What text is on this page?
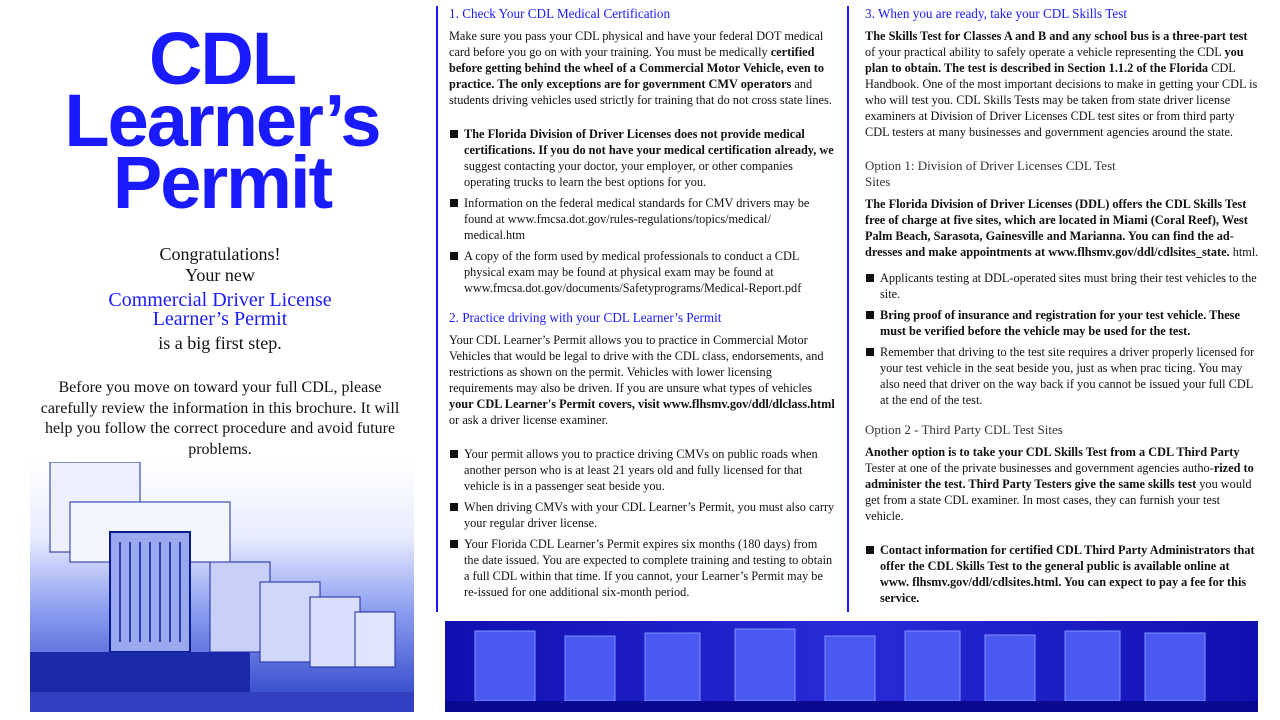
CDL
Learner’s
Permit
Congratulations!
Your new
Commercial Driver License
Learner’s Permit
is a big first step.
Before you move on toward your full CDL, please carefully review the information in this brochure. It will help you follow the correct procedure and avoid future problems.
1. Check Your CDL Medical Certification

Make sure you pass your CDL physical and have your federal DOT medical card before you go on with your training. You must be medically certified before getting behind the wheel of a Commercial Motor Vehicle, even to practice. The only exceptions are for government CMV operators and students driving vehicles used strictly for training that do not cross state lines.

The Florida Division of Driver Licenses does not provide medical certifications. If you do not have your medical certification already, we suggest contacting your doctor, your employer, or other companies operating trucks to learn the best options for you.
Information on the federal medical standards for CMV drivers may be found at www.fmcsa.dot.gov/rules-regulations/topics/medical/ medical.htm
A copy of the form used by medical professionals to conduct a CDL physical exam may be found at physical exam may be found at www.fmcsa.dot.gov/documents/Safetyprograms/Medical-Report.pdf
2. Practice driving with your CDL Learner’s Permit

Your CDL Learner’s Permit allows you to practice in Commercial Motor Vehicles that would be legal to drive with the CDL class, endorsements, and restrictions as shown on the permit. Vehicles with lower licensing requirements may also be driven. If you are unsure what types of vehicles your CDL Learner's Permit covers, visit www.flhsmv.gov/ddl/dlclass.html or ask a driver license examiner.

Your permit allows you to practice driving CMVs on public roads when another person who is at least 21 years old and fully licensed for that vehicle is in a passenger seat beside you.
When driving CMVs with your CDL Learner’s Permit, you must also carry your regular driver license.
Your Florida CDL Learner’s Permit expires six months (180 days) from the date issued. You are expected to complete training and testing to obtain a full CDL within that time. If you cannot, your Learner’s Permit may be re-issued for one additional six-month period.
3. When you are ready, take your CDL Skills Test

The Skills Test for Classes A and B and any school bus is a three-part test of your practical ability to safely operate a vehicle representing the CDL you plan to obtain. The test is described in Section 1.1.2 of the Florida CDL Handbook. One of the most important decisions to make in getting your CDL is who will test you. CDL Skills Tests may be taken from state driver license examiners at Division of Driver Licenses CDL test sites or from third party CDL testers at many businesses and government agencies around the state.

Option 1: Division of Driver Licenses CDL Test Sites

The Florida Division of Driver Licenses (DDL) offers the CDL Skills Test free of charge at five sites, which are located in Miami (Coral Reef), West Palm Beach, Sarasota, Gainesville and Marianna. You can find the ad-dresses and make appointments at www.flhsmv.gov/ddl/cdlsites_state. html.

Applicants testing at DDL-operated sites must bring their test vehicles to the site.
Bring proof of insurance and registration for your test vehicle. These must be verified before the vehicle may be used for the test.
Remember that driving to the test site requires a driver properly licensed for your test vehicle in the seat beside you, just as when prac ticing. You may also need that driver on the way back if you cannot be issued your full CDL at the end of the test.
Option 2 - Third Party CDL Test Sites

Another option is to take your CDL Skills Test from a CDL Third Party Tester at one of the private businesses and government agencies autho-rized to administer the test. Third Party Testers give the same skills test you would get from a state CDL examiner. In most cases, they can furnish your test vehicle.

Contact information for certified CDL Third Party Administrators that offer the CDL Skills Test to the general public is available online at www. flhsmv.gov/ddl/cdlsites.html. You can expect to pay a fee for this service.
